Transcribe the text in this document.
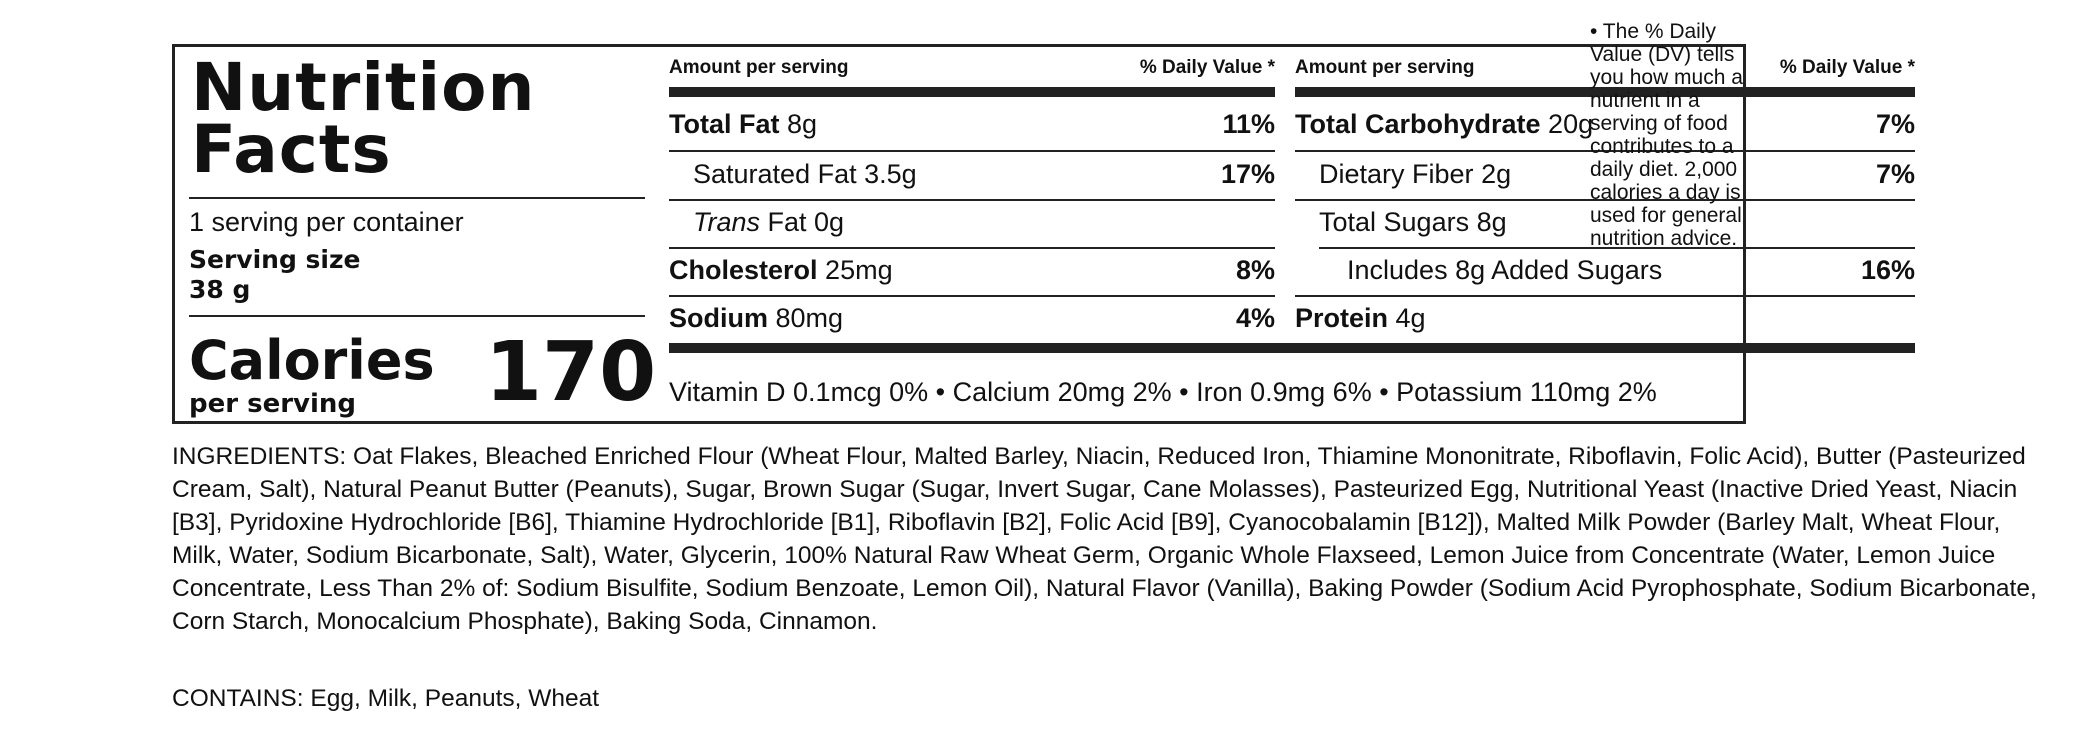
Nutrition
Facts
1 serving per container
Serving size
38 g
Calories
per serving 170
Amount per serving	% Daily Value *
Total Fat 8g	11%
Saturated Fat 3.5g	17%
Trans Fat 0g
Cholesterol 25mg	8%
Sodium 80mg	4%
Amount per serving	% Daily Value *
Total Carbohydrate 20g	7%
Dietary Fiber 2g	7%
Total Sugars 8g
Includes 8g Added Sugars	16%
Protein 4g
Vitamin D 0.1mcg 0% • Calcium 20mg 2% • Iron 0.9mg 6% • Potassium 110mg 2%
• The % Daily Value (DV) tells you how much a nutrient in a serving of food contributes to a daily diet. 2,000 calories a day is used for general nutrition advice.
INGREDIENTS: Oat Flakes, Bleached Enriched Flour (Wheat Flour, Malted Barley, Niacin, Reduced Iron, Thiamine Mononitrate, Riboflavin, Folic Acid), Butter (Pasteurized Cream, Salt), Natural Peanut Butter (Peanuts), Sugar, Brown Sugar (Sugar, Invert Sugar, Cane Molasses), Pasteurized Egg, Nutritional Yeast (Inactive Dried Yeast, Niacin [B3], Pyridoxine Hydrochloride [B6], Thiamine Hydrochloride [B1], Riboflavin [B2], Folic Acid [B9], Cyanocobalamin [B12]), Malted Milk Powder (Barley Malt, Wheat Flour, Milk, Water, Sodium Bicarbonate, Salt), Water, Glycerin, 100% Natural Raw Wheat Germ, Organic Whole Flaxseed, Lemon Juice from Concentrate (Water, Lemon Juice Concentrate, Less Than 2% of: Sodium Bisulfite, Sodium Benzoate, Lemon Oil), Natural Flavor (Vanilla), Baking Powder (Sodium Acid Pyrophosphate, Sodium Bicarbonate, Corn Starch, Monocalcium Phosphate), Baking Soda, Cinnamon.
CONTAINS: Egg, Milk, Peanuts, Wheat
